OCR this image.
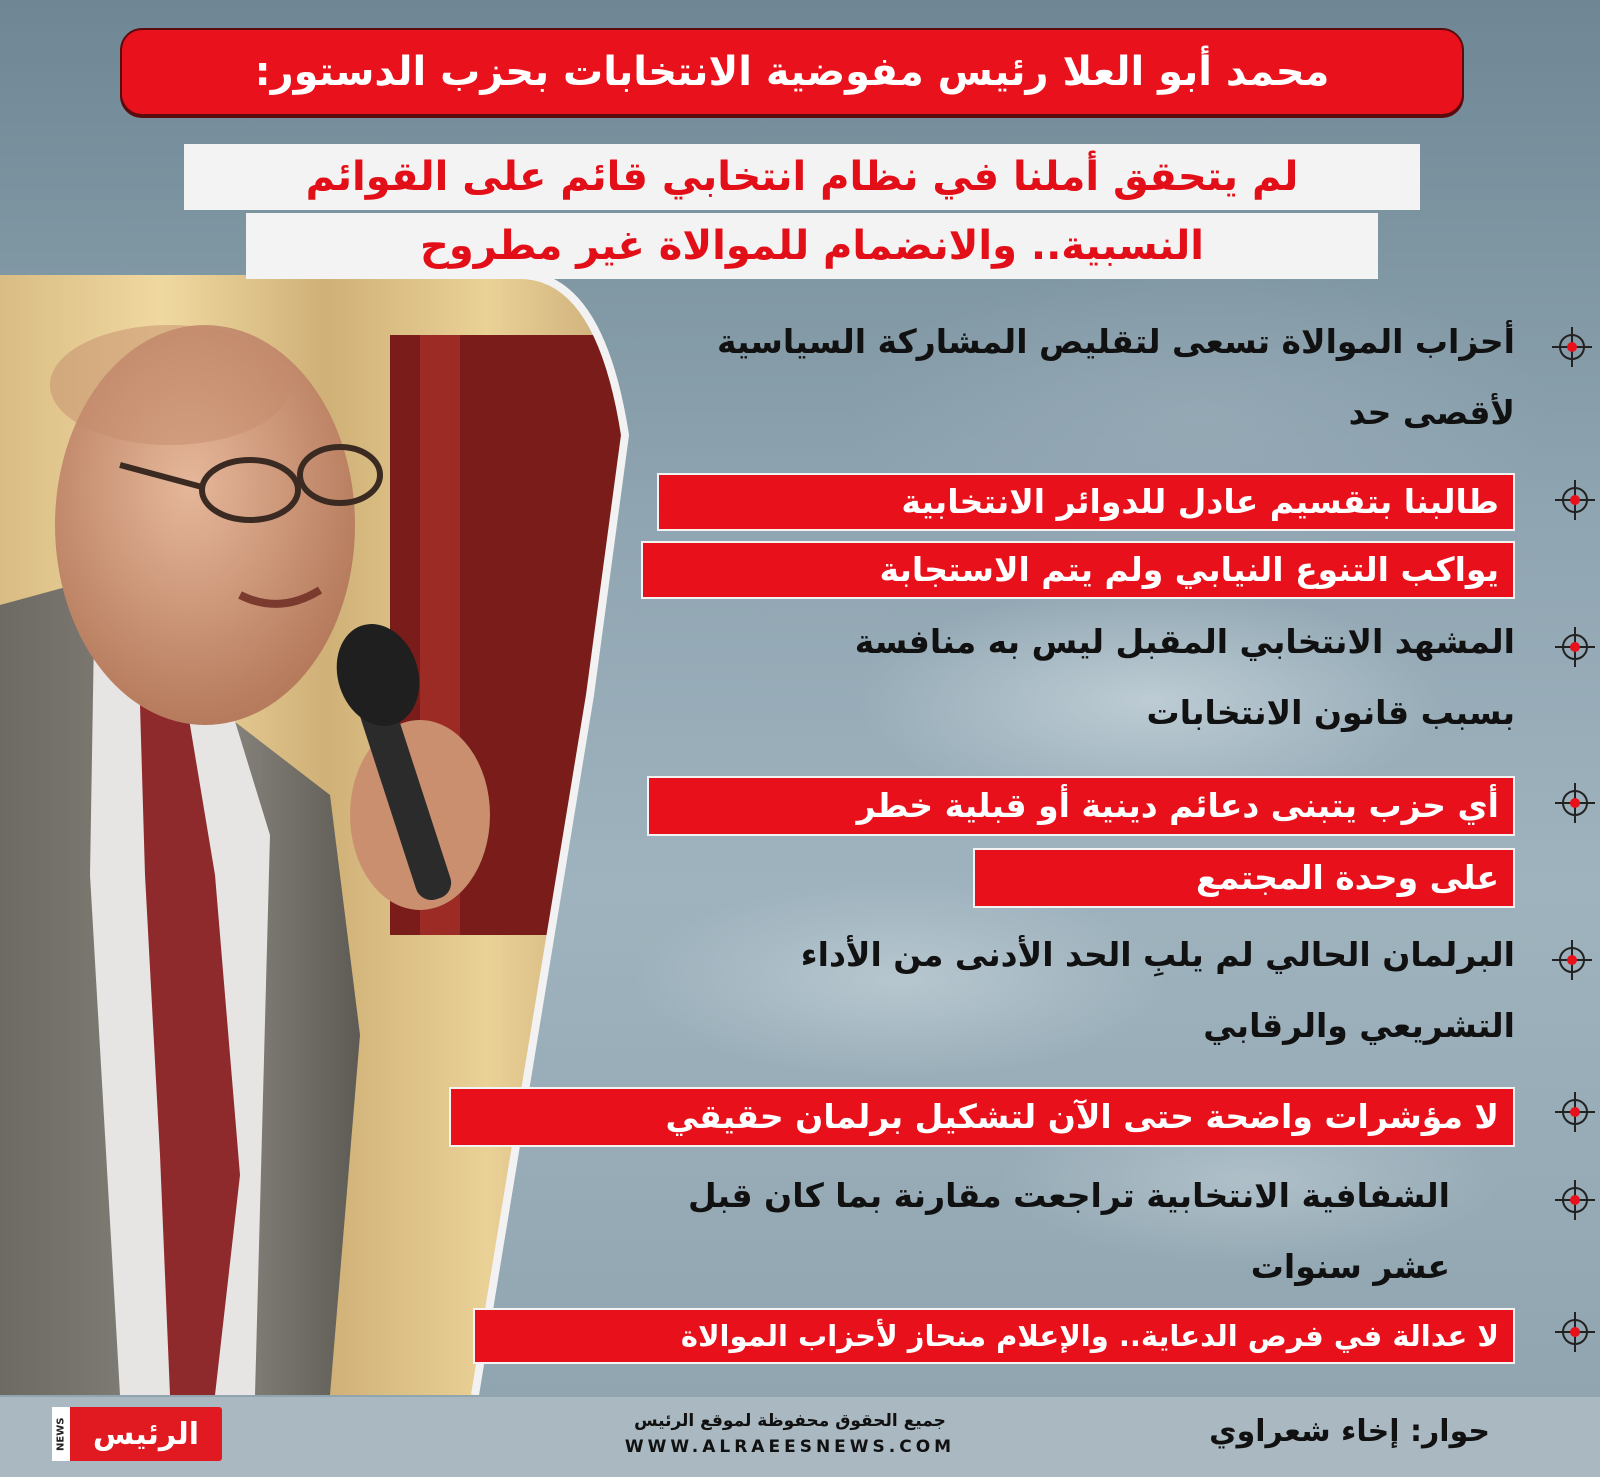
محمد أبو العلا رئيس مفوضية الانتخابات بحزب الدستور:
لم يتحقق أملنا في نظام انتخابي قائم على القوائم
النسبية.. والانضمام للموالاة غير مطروح
أحزاب الموالاة تسعى لتقليص المشاركة السياسية
لأقصى حد
طالبنا بتقسيم عادل للدوائر الانتخابية
يواكب التنوع النيابي ولم يتم الاستجابة
المشهد الانتخابي المقبل ليس به منافسة
بسبب قانون الانتخابات
أي حزب يتبنى دعائم دينية أو قبلية خطر
على وحدة المجتمع
البرلمان الحالي لم يلبِ الحد الأدنى من الأداء
التشريعي والرقابي
لا مؤشرات واضحة حتى الآن لتشكيل برلمان حقيقي
الشفافية الانتخابية تراجعت مقارنة بما كان قبل
عشر سنوات
لا عدالة في فرص الدعاية.. والإعلام منحاز لأحزاب الموالاة
NEWS الرئيس	جميع الحقوق محفوظة لموقع الرئيس
WWW.ALRAEESNEWS.COM	حوار: إخاء شعراوي
